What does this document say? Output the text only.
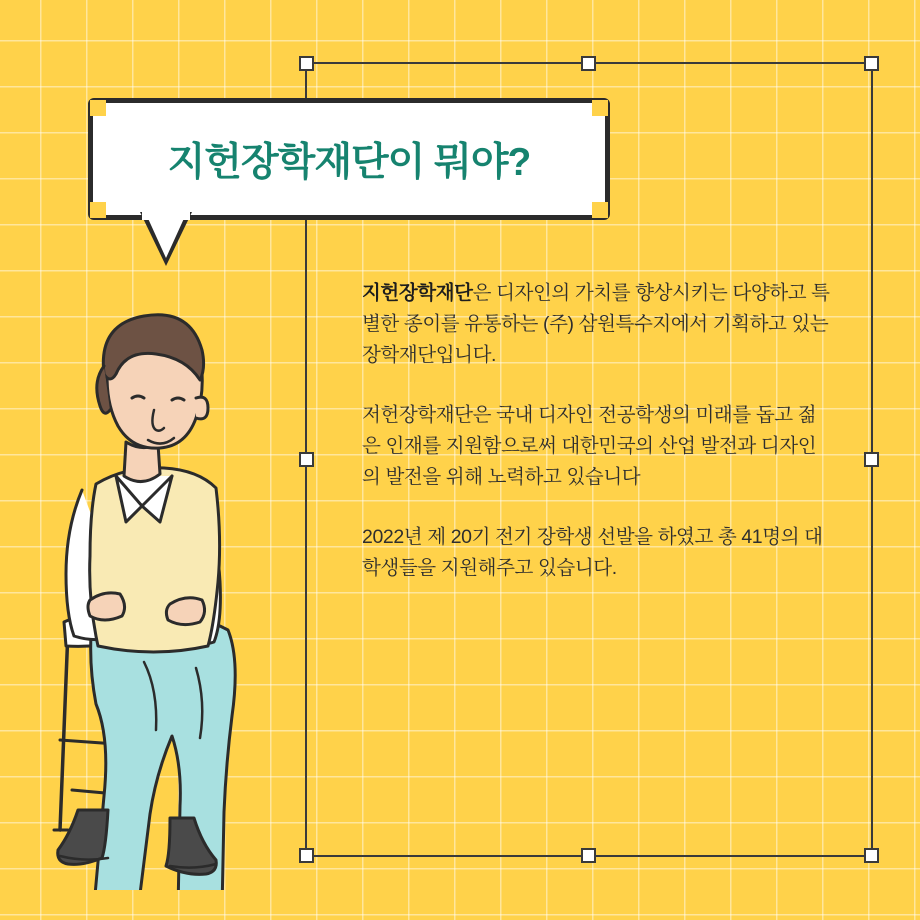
지헌장학재단이 뭐야?

지헌장학재단은 디자인의 가치를 향상시키는 다양하고 특별한 종이를 유통하는 (주) 삼원특수지에서 기획하고 있는 장학재단입니다.

저헌장학재단은 국내 디자인 전공학생의 미래를 돕고 젊은 인재를 지원함으로써 대한민국의 산업 발전과 디자인의 발전을 위해 노력하고 있습니다

2022년 제 20기 전기 장학생 선발을 하였고 총 41명의 대학생들을 지원해주고 있습니다.
